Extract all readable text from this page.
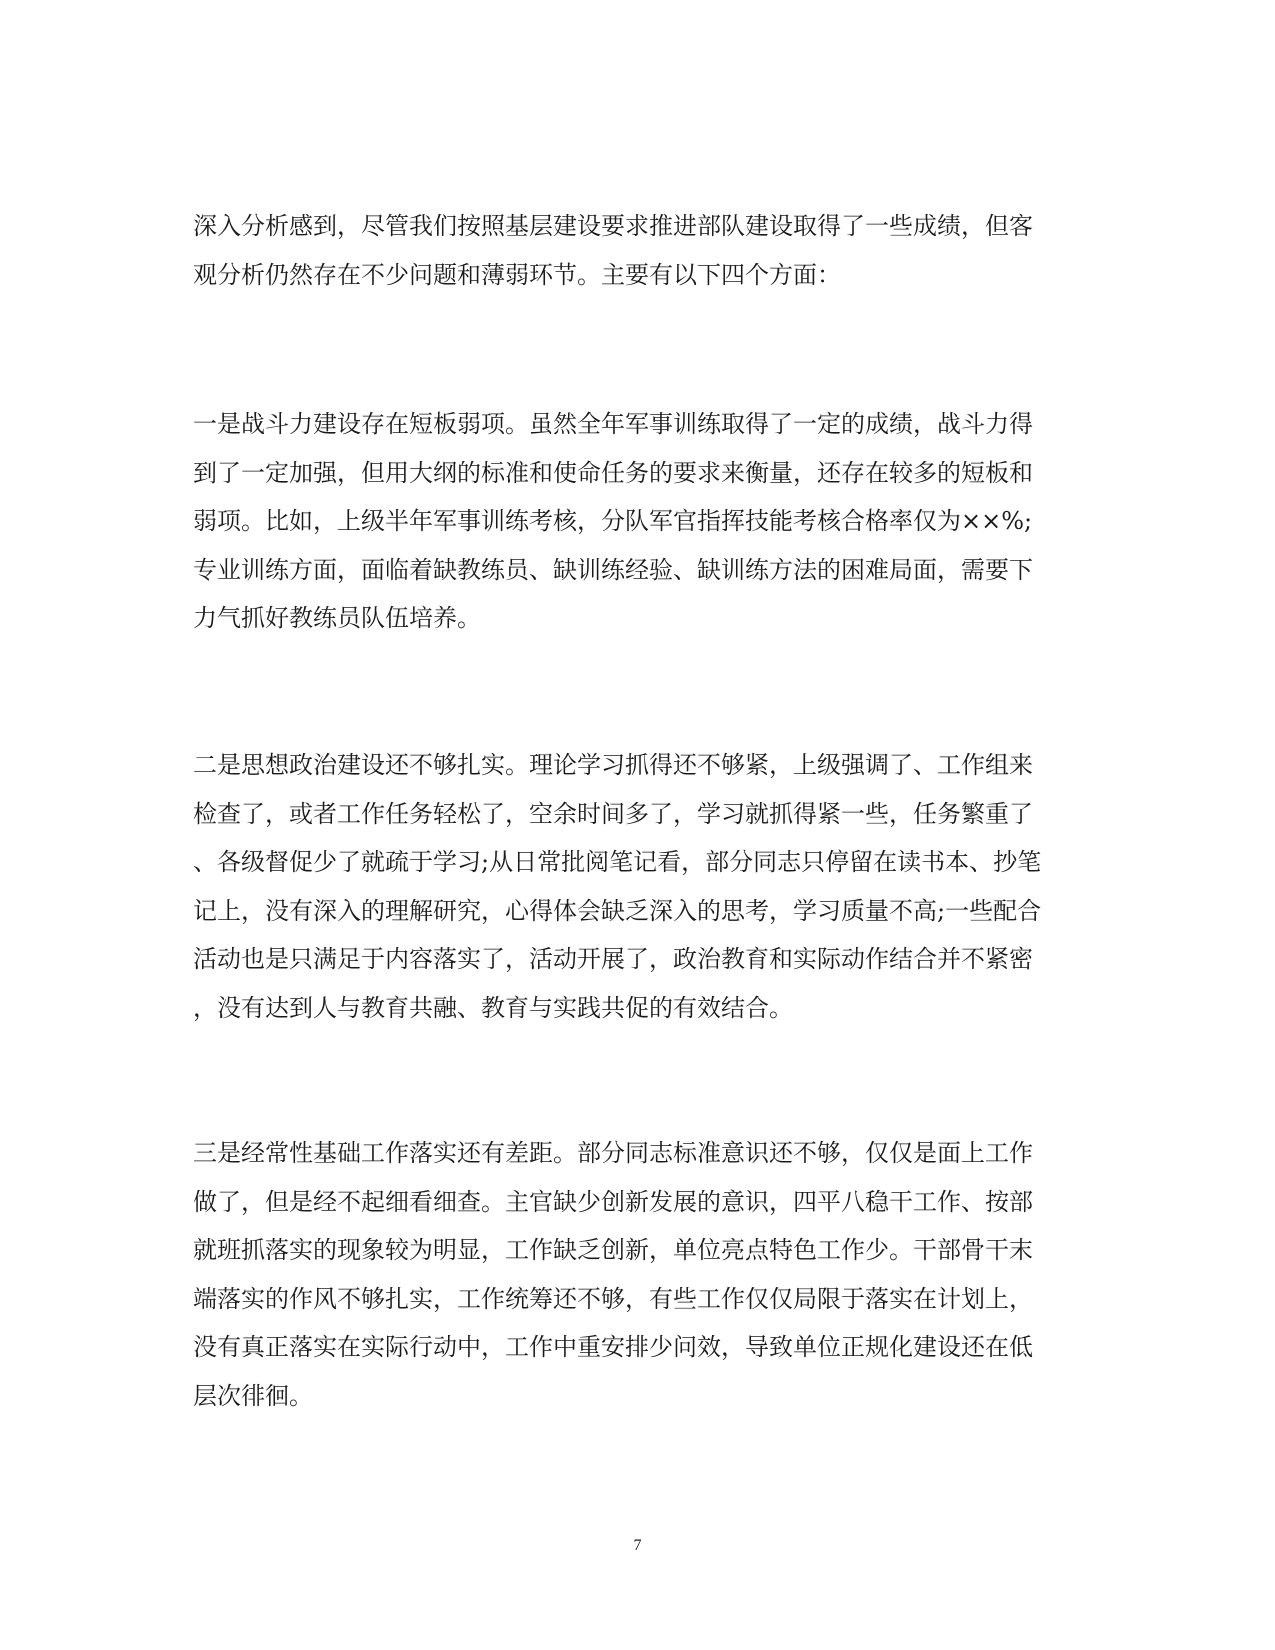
深入分析感到，尽管我们按照基层建设要求推进部队建设取得了一些成绩，但客
观分析仍然存在不少问题和薄弱环节。主要有以下四个方面：

一是战斗力建设存在短板弱项。虽然全年军事训练取得了一定的成绩，战斗力得
到了一定加强，但用大纲的标准和使命任务的要求来衡量，还存在较多的短板和
弱项。比如，上级半年军事训练考核，分队军官指挥技能考核合格率仅为××%;
专业训练方面，面临着缺教练员、缺训练经验、缺训练方法的困难局面，需要下
力气抓好教练员队伍培养。

二是思想政治建设还不够扎实。理论学习抓得还不够紧，上级强调了、工作组来
检查了，或者工作任务轻松了，空余时间多了，学习就抓得紧一些，任务繁重了
、各级督促少了就疏于学习;从日常批阅笔记看，部分同志只停留在读书本、抄笔
记上，没有深入的理解研究，心得体会缺乏深入的思考，学习质量不高;一些配合
活动也是只满足于内容落实了，活动开展了，政治教育和实际动作结合并不紧密
，没有达到人与教育共融、教育与实践共促的有效结合。

三是经常性基础工作落实还有差距。部分同志标准意识还不够，仅仅是面上工作
做了，但是经不起细看细查。主官缺少创新发展的意识，四平八稳干工作、按部
就班抓落实的现象较为明显，工作缺乏创新，单位亮点特色工作少。干部骨干末
端落实的作风不够扎实，工作统筹还不够，有些工作仅仅局限于落实在计划上，
没有真正落实在实际行动中，工作中重安排少问效，导致单位正规化建设还在低
层次徘徊。

7
